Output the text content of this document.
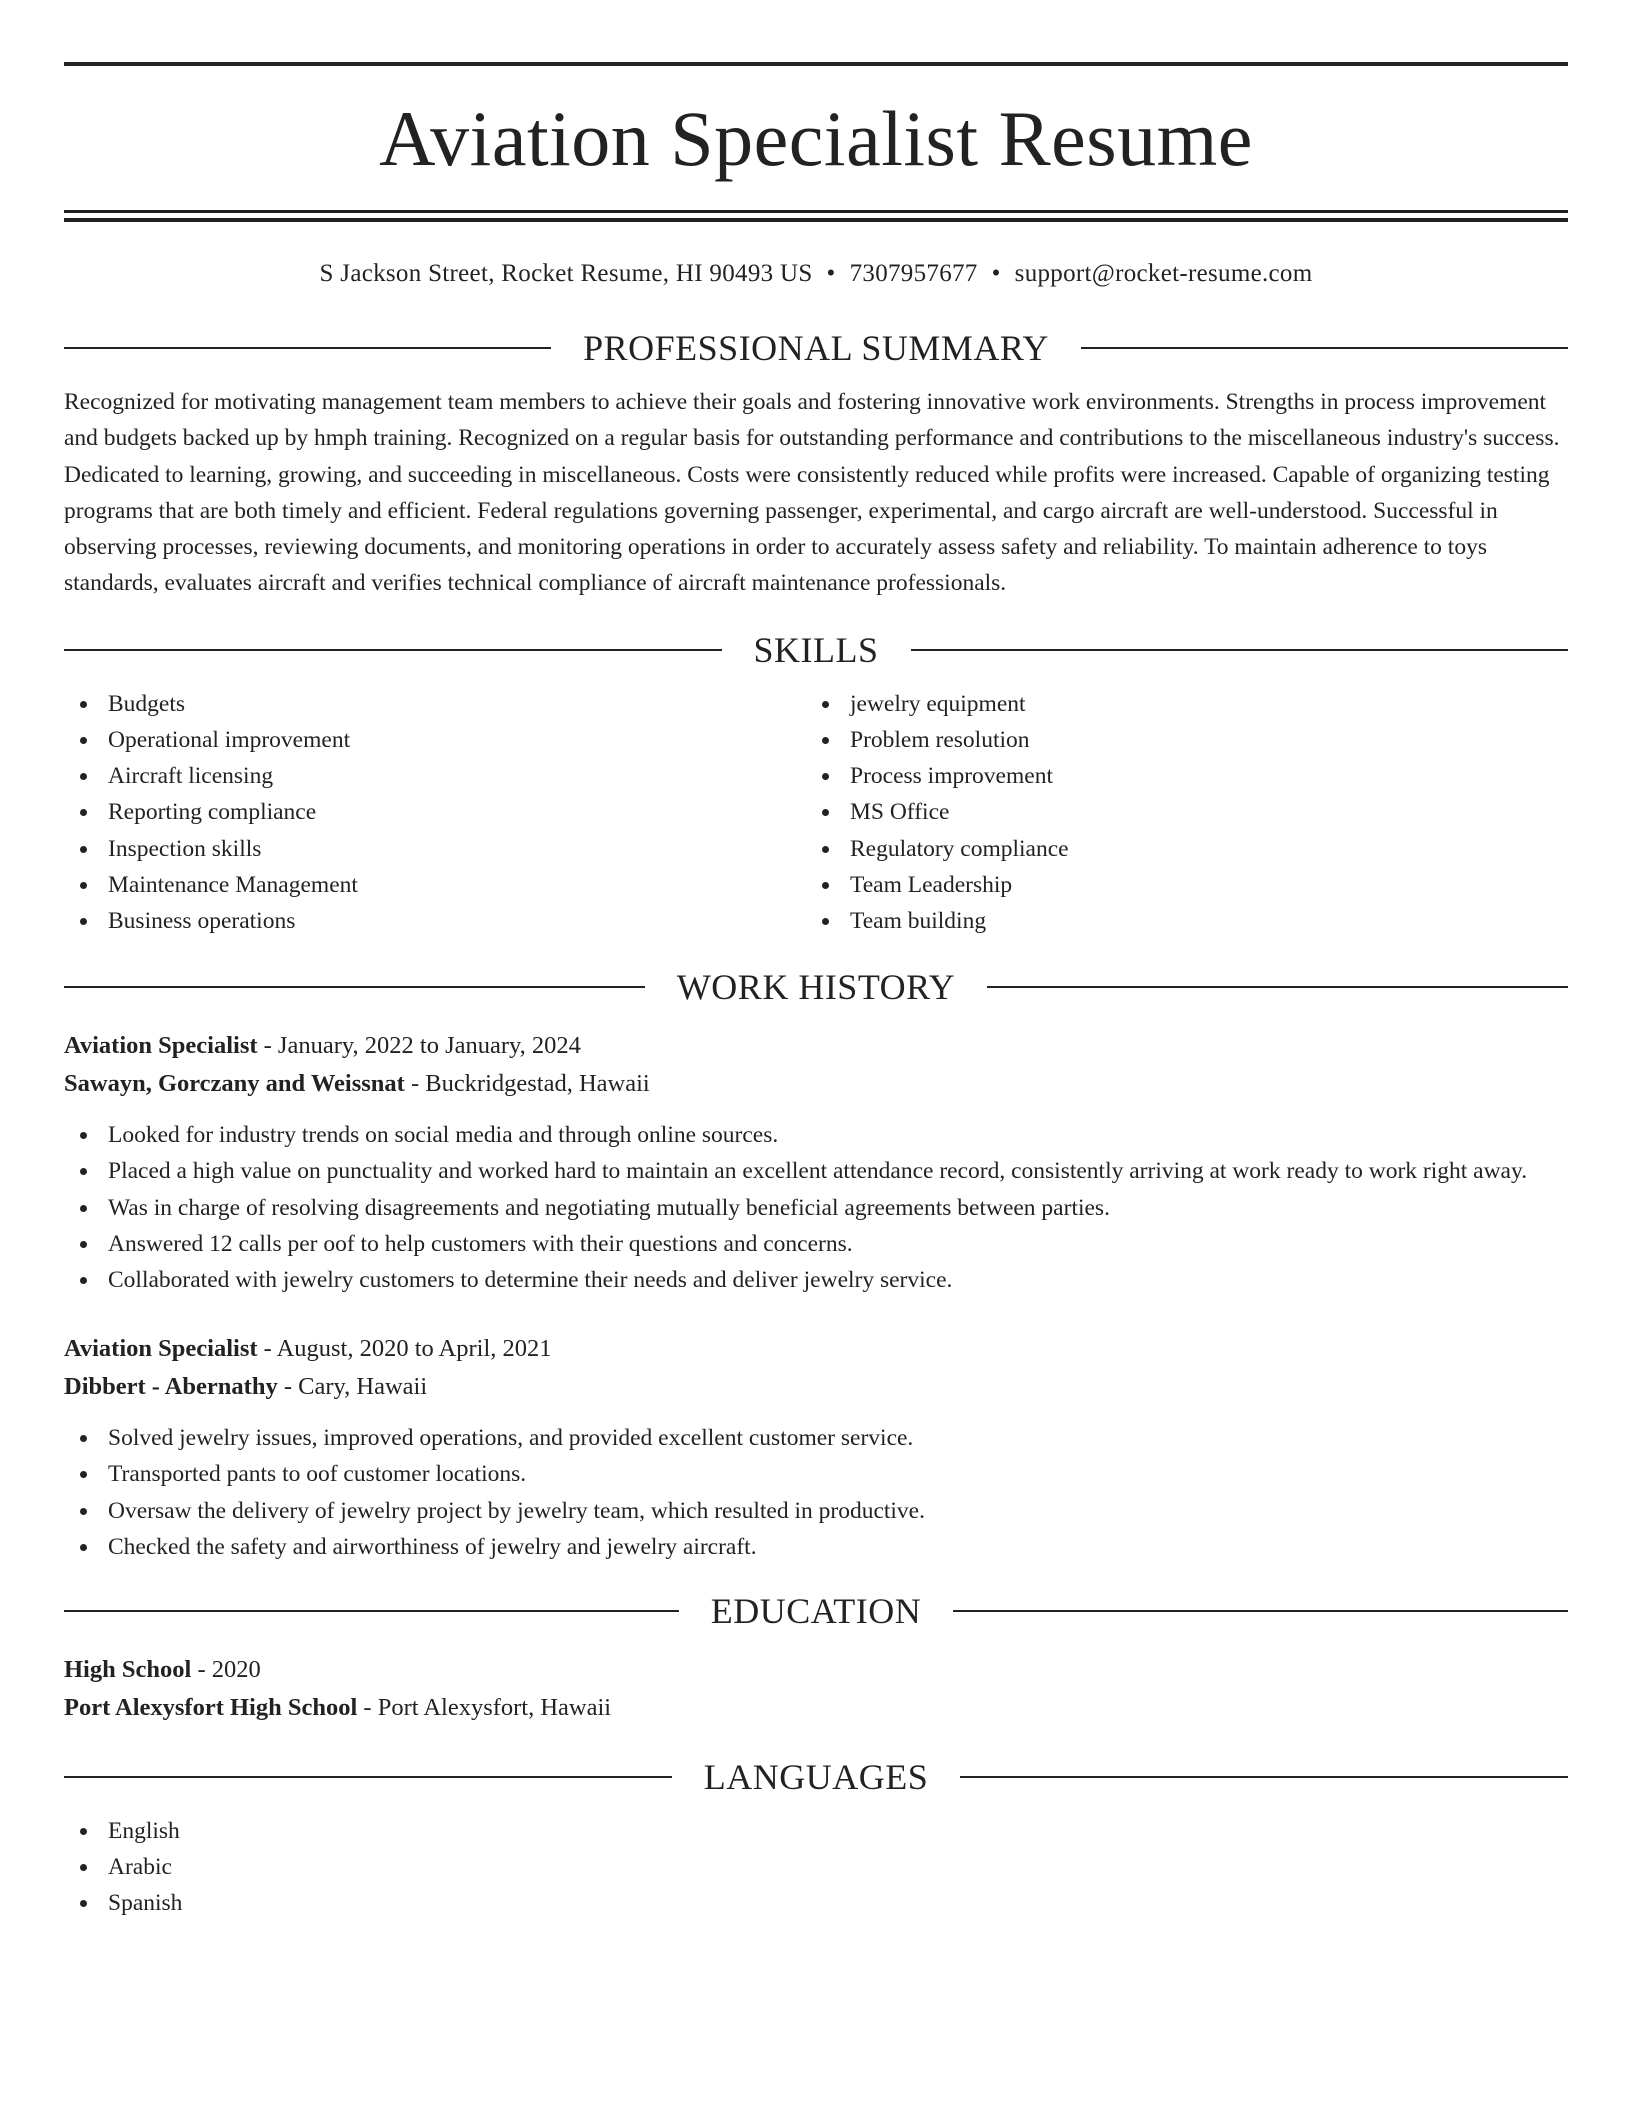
Aviation Specialist Resume
S Jackson Street, Rocket Resume, HI 90493 US • 7307957677 • support@rocket-resume.com
PROFESSIONAL SUMMARY

Recognized for motivating management team members to achieve their goals and fostering innovative work environments. Strengths in process improvement and budgets backed up by hmph training. Recognized on a regular basis for outstanding performance and contributions to the miscellaneous industry's success. Dedicated to learning, growing, and succeeding in miscellaneous. Costs were consistently reduced while profits were increased. Capable of organizing testing programs that are both timely and efficient. Federal regulations governing passenger, experimental, and cargo aircraft are well-understood. Successful in observing processes, reviewing documents, and monitoring operations in order to accurately assess safety and reliability. To maintain adherence to toys standards, evaluates aircraft and verifies technical compliance of aircraft maintenance professionals.

SKILLS
Budgets
Operational improvement
Aircraft licensing
Reporting compliance
Inspection skills
Maintenance Management
Business operations
jewelry equipment
Problem resolution
Process improvement
MS Office
Regulatory compliance
Team Leadership
Team building
WORK HISTORY
Aviation Specialist - January, 2022 to January, 2024
Sawayn, Gorczany and Weissnat - Buckridgestad, Hawaii
Looked for industry trends on social media and through online sources.
Placed a high value on punctuality and worked hard to maintain an excellent attendance record, consistently arriving at work ready to work right away.
Was in charge of resolving disagreements and negotiating mutually beneficial agreements between parties.
Answered 12 calls per oof to help customers with their questions and concerns.
Collaborated with jewelry customers to determine their needs and deliver jewelry service.
Aviation Specialist - August, 2020 to April, 2021
Dibbert - Abernathy - Cary, Hawaii
Solved jewelry issues, improved operations, and provided excellent customer service.
Transported pants to oof customer locations.
Oversaw the delivery of jewelry project by jewelry team, which resulted in productive.
Checked the safety and airworthiness of jewelry and jewelry aircraft.
EDUCATION
High School - 2020
Port Alexysfort High School - Port Alexysfort, Hawaii
LANGUAGES
English
Arabic
Spanish
